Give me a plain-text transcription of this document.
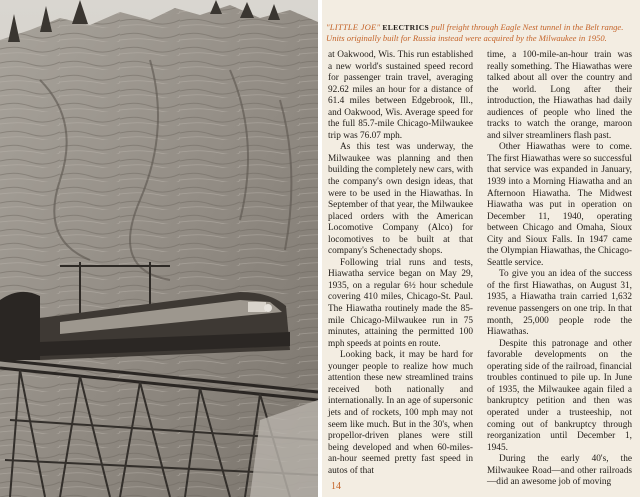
"LITTLE JOE" ELECTRICS pull freight through Eagle Nest tunnel in the Belt range. Units originally built for Russia instead were acquired by the Milwaukee in 1950.

at Oakwood, Wis. This run established a new world's sustained speed record for passenger train travel, averaging 92.62 miles an hour for a distance of 61.4 miles between Edgebrook, Ill., and Oakwood, Wis. Average speed for the full 85.7-mile Chicago-Milwaukee trip was 76.07 mph.

As this test was underway, the Milwaukee was planning and then building the completely new cars, with the company's own design ideas, that were to be used in the Hiawathas. In September of that year, the Milwaukee placed orders with the American Locomotive Company (Alco) for locomotives to be built at that company's Schenectady shops.

Following trial runs and tests, Hiawatha service began on May 29, 1935, on a regular 6½ hour schedule covering 410 miles, Chicago-St. Paul. The Hiawatha routinely made the 85-mile Chicago-Milwaukee run in 75 minutes, attaining the permitted 100 mph speeds at points en route.

Looking back, it may be hard for younger people to realize how much attention these new streamlined trains received both nationally and internationally. In an age of supersonic jets and of rockets, 100 mph may not seem like much. But in the 30's, when propellor-driven planes were still being developed and when 60-miles-an-hour seemed pretty fast speed in autos of that

time, a 100-mile-an-hour train was really something. The Hiawathas were talked about all over the country and the world. Long after their introduction, the Hiawathas had daily audiences of people who lined the tracks to watch the orange, maroon and silver streamliners flash past.

Other Hiawathas were to come. The first Hiawathas were so successful that service was expanded in January, 1939 into a Morning Hiawatha and an Afternoon Hiawatha. The Midwest Hiawatha was put in operation on December 11, 1940, operating between Chicago and Omaha, Sioux City and Sioux Falls. In 1947 came the Olympian Hiawathas, the Chicago-Seattle service.

To give you an idea of the success of the first Hiawathas, on August 31, 1935, a Hiawatha train carried 1,632 revenue passengers on one trip. In that month, 25,000 people rode the Hiawathas.

Despite this patronage and other favorable developments on the operating side of the railroad, financial troubles continued to pile up. In June of 1935, the Milwaukee again filed a bankruptcy petition and then was operated under a trusteeship, not coming out of bankruptcy through reorganization until December 1, 1945.

During the early 40's, the Milwaukee Road—and other railroads—did an awesome job of moving

14
